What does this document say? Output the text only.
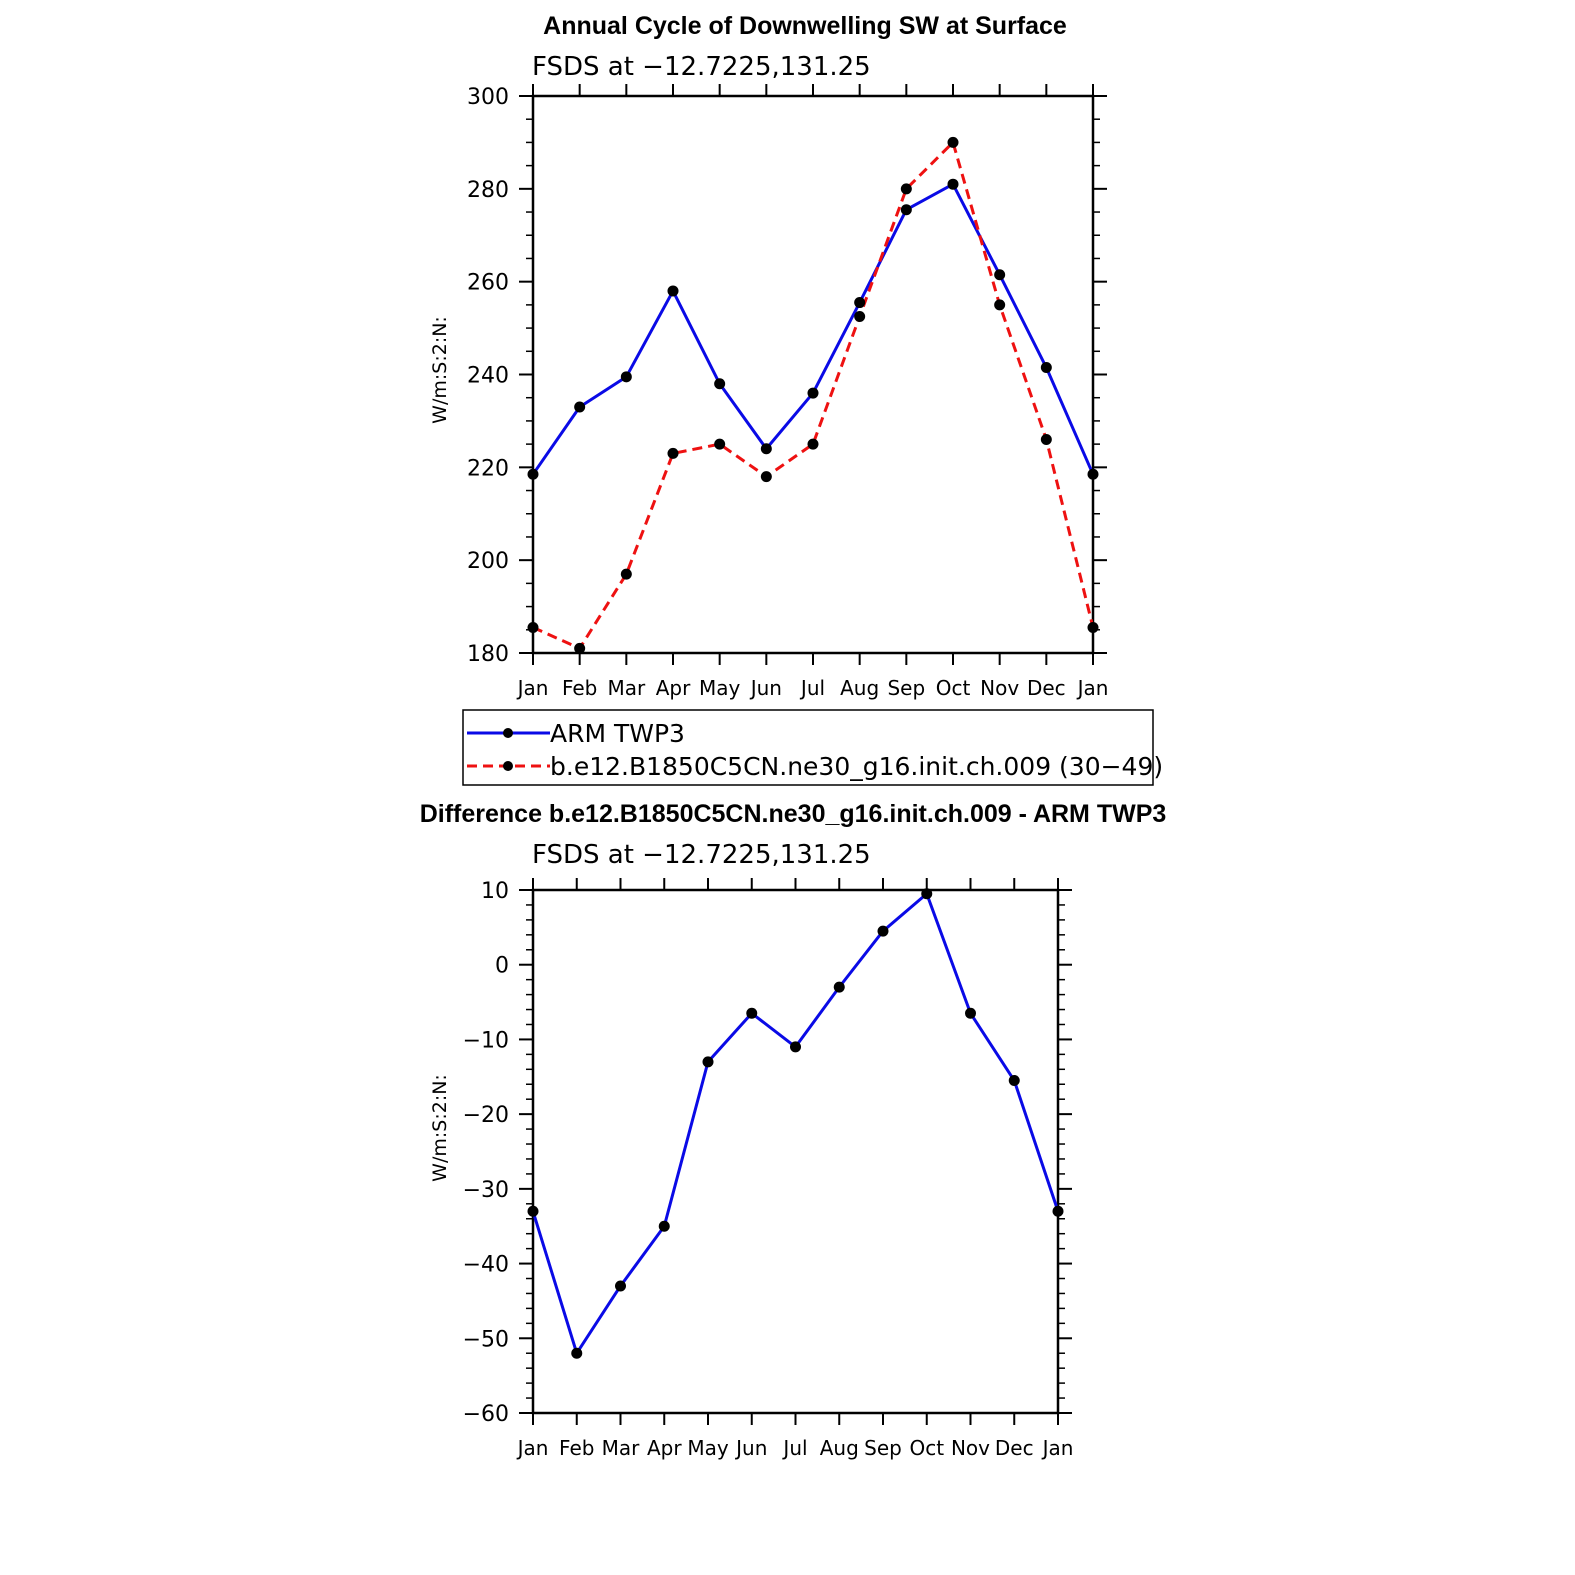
Annual Cycle of Downwelling SW at Surface
FSDS at −12.7225,131.25
W/m:S:2:N:
Jan Feb Mar Apr May Jun Jul Aug Sep Oct Nov Dec Jan
180
200
220
240
260
280
300
ARM TWP3
b.e12.B1850C5CN.ne30_g16.init.ch.009 (30−49)
Difference b.e12.B1850C5CN.ne30_g16.init.ch.009 - ARM TWP3
FSDS at −12.7225,131.25
W/m:S:2:N:
Jan Feb Mar Apr May Jun Jul Aug Sep Oct Nov Dec Jan
−60
−50
−40
−30
−20
−10
0
10
